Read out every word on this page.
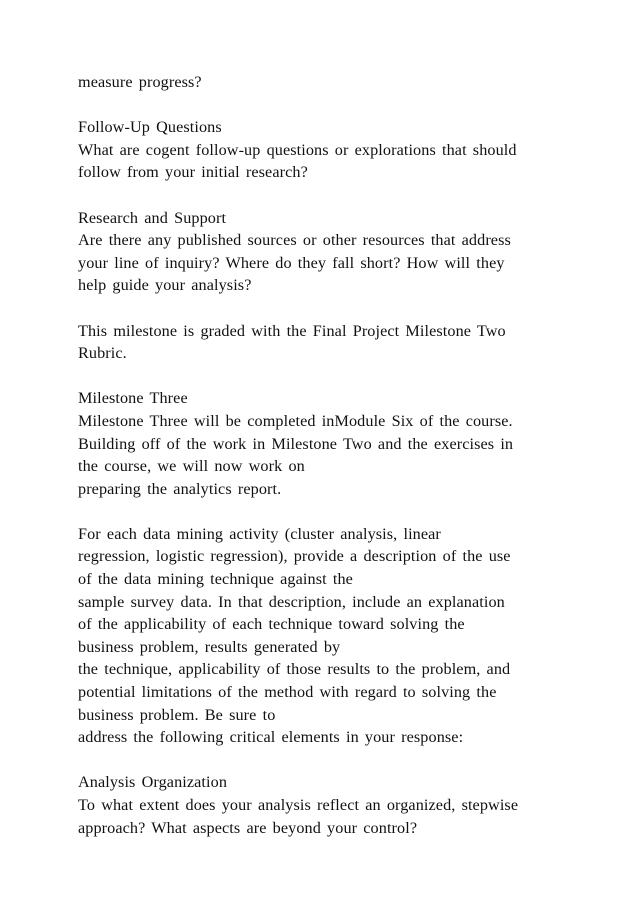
measure progress?
Follow-Up Questions
What are cogent follow-up questions or explorations that should
follow from your initial research?
Research and Support
Are there any published sources or other resources that address
your line of inquiry? Where do they fall short? How will they
help guide your analysis?
This milestone is graded with the Final Project Milestone Two
Rubric.
Milestone Three
Milestone Three will be completed inModule Six of the course.
Building off of the work in Milestone Two and the exercises in
the course, we will now work on
preparing the analytics report.
For each data mining activity (cluster analysis, linear
regression, logistic regression), provide a description of the use
of the data mining technique against the
sample survey data. In that description, include an explanation
of the applicability of each technique toward solving the
business problem, results generated by
the technique, applicability of those results to the problem, and
potential limitations of the method with regard to solving the
business problem. Be sure to
address the following critical elements in your response:
Analysis Organization
To what extent does your analysis reflect an organized, stepwise
approach? What aspects are beyond your control?
